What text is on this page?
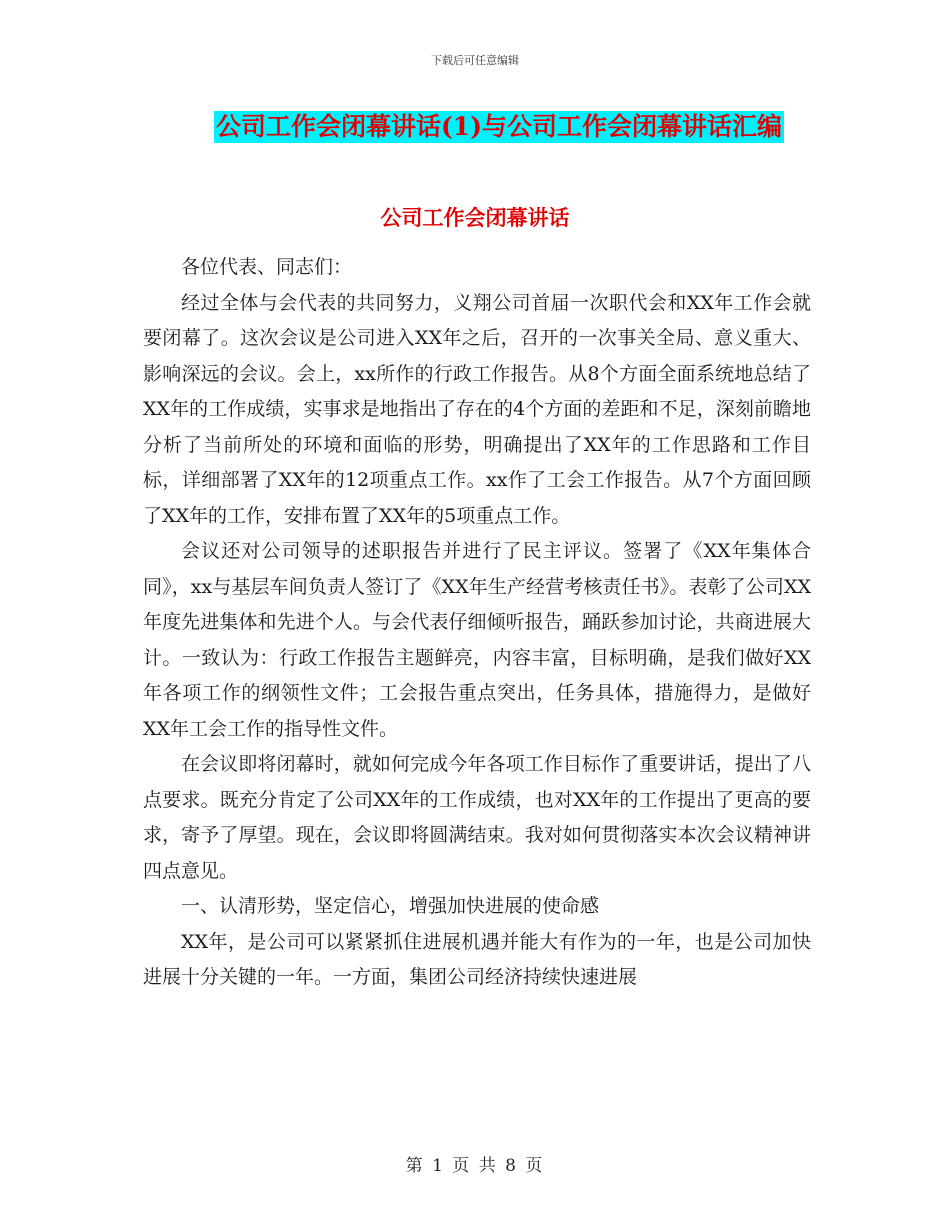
下载后可任意编辑
公司工作会闭幕讲话(1)与公司工作会闭幕讲话汇编
公司工作会闭幕讲话

各位代表、同志们：

经过全体与会代表的共同努力，义翔公司首届一次职代会和XX年工作会就要闭幕了。这次会议是公司进入XX年之后，召开的一次事关全局、意义重大、影响深远的会议。会上，xx所作的行政工作报告。从8个方面全面系统地总结了XX年的工作成绩，实事求是地指出了存在的4个方面的差距和不足，深刻前瞻地分析了当前所处的环境和面临的形势，明确提出了XX年的工作思路和工作目标，详细部署了XX年的12项重点工作。xx作了工会工作报告。从7个方面回顾了XX年的工作，安排布置了XX年的5项重点工作。

会议还对公司领导的述职报告并进行了民主评议。签署了《XX年集体合同》，xx与基层车间负责人签订了《XX年生产经营考核责任书》。表彰了公司XX年度先进集体和先进个人。与会代表仔细倾听报告，踊跃参加讨论，共商进展大计。一致认为：行政工作报告主题鲜亮，内容丰富，目标明确，是我们做好XX年各项工作的纲领性文件；工会报告重点突出，任务具体，措施得力，是做好XX年工会工作的指导性文件。

在会议即将闭幕时，就如何完成今年各项工作目标作了重要讲话，提出了八点要求。既充分肯定了公司XX年的工作成绩，也对XX年的工作提出了更高的要求，寄予了厚望。现在，会议即将圆满结束。我对如何贯彻落实本次会议精神讲四点意见。

一、认清形势，坚定信心，增强加快进展的使命感

XX年，是公司可以紧紧抓住进展机遇并能大有作为的一年，也是公司加快进展十分关键的一年。一方面，集团公司经济持续快速进展

第 1 页 共 8 页
